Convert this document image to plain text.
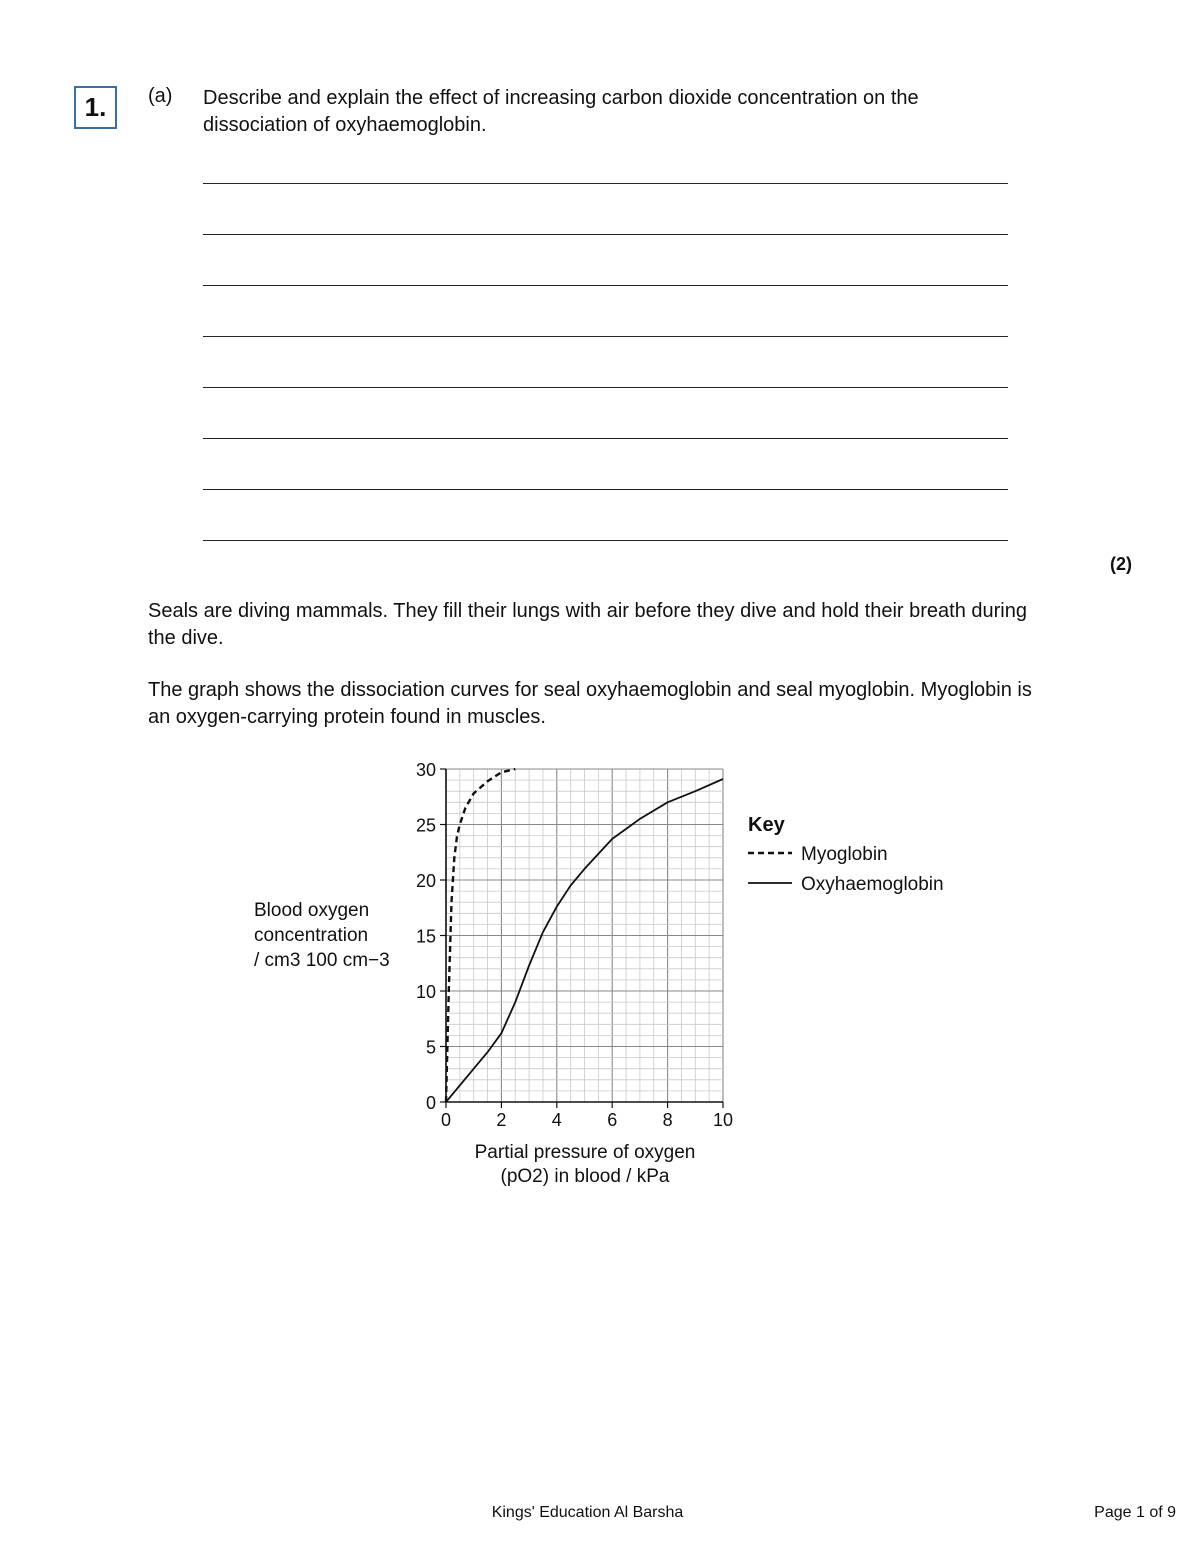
1.	(a) Describe and explain the effect of increasing carbon dioxide concentration on the dissociation of oxyhaemoglobin.
(2)

Seals are diving mammals. They fill their lungs with air before they dive and hold their breath during the dive.

The graph shows the dissociation curves for seal oxyhaemoglobin and seal myoglobin. Myoglobin is an oxygen-carrying protein found in muscles.

0	2	4	6	8 10
0
5
10
15
20
25
30
Blood oxygen
concentration
/ cm3 100 cm−3
Partial pressure of oxygen
(pO2) in blood / kPa
Key
Myoglobin
Oxyhaemoglobin
Kings' Education Al Barsha	Page 1 of 9
